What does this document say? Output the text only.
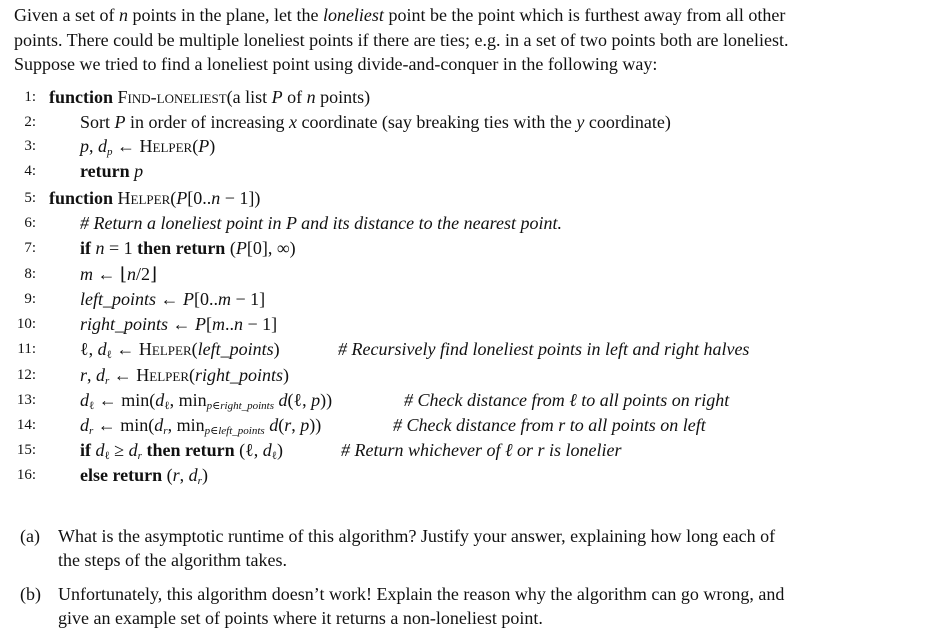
Given a set of n points in the plane, let the loneliest point be the point which is furthest away from all other
points. There could be multiple loneliest points if there are ties; e.g. in a set of two points both are loneliest.
Suppose we tried to find a loneliest point using divide-and-conquer in the following way:
1: function Find-loneliest(a list P of n points)
2: Sort P in order of increasing x coordinate (say breaking ties with the y coordinate)
3: p, $d_p$ ← Helper(P)
4: return p
5: function Helper(P[0..n − 1])
6: # Return a loneliest point in P and its distance to the nearest point.
7: if n = 1 then return (P[0], ∞)
8: m ← ⌊n/2⌋
9: left_points ← P[0..m − 1]
10: right_points ← P[m..n − 1]
11: ℓ, $d_\ell$ ← Helper(left_points)	# Recursively find loneliest points in left and right halves
12: r, $d_r$ ← Helper(right_points)
13: $d_\ell$ ← $\min(d_\ell$, $\min_{p\in right\_points}$ d(ℓ, p))	# Check distance from ℓ to all points on right
14: $d_r$ ← $\min(d_r$, $\min_{p\in left\_points} d(r$, p))	# Check distance from r to all points on left
15: if $d_\ell \ge d_r$ then return (ℓ, $d_\ell$)	# Return whichever of ℓ or r is lonelier
16: else return (r, $d_r$)
(a) What is the asymptotic runtime of this algorithm? Justify your answer, explaining how long each of
the steps of the algorithm takes.
(b) Unfortunately, this algorithm doesn’t work! Explain the reason why the algorithm can go wrong, and
give an example set of points where it returns a non-loneliest point.
